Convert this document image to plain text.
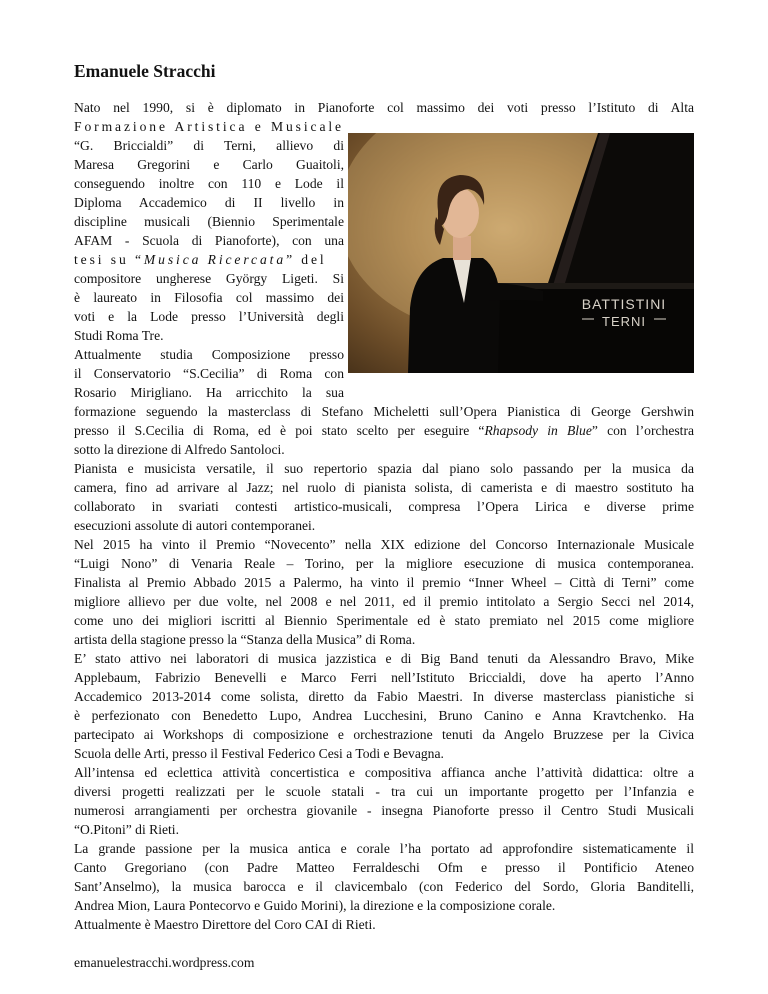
Emanuele Stracchi
Nato nel 1990, si è diplomato in Pianoforte col massimo dei voti presso l’Istituto di Alta
Formazione Artistica e Musicale
“G. Briccialdi” di Terni, allievo di
Maresa Gregorini e Carlo Guaitoli,
conseguendo inoltre con 110 e Lode il
Diploma Accademico di II livello in
discipline musicali (Biennio Sperimentale
AFAM - Scuola di Pianoforte), con una
tesi su “Musica Ricercata” del
compositore ungherese György Ligeti. Si
è laureato in Filosofia col massimo dei
voti e la Lode presso l’Università degli
Studi Roma Tre.
Attualmente studia Composizione presso
il Conservatorio “S.Cecilia” di Roma con
Rosario Mirigliano. Ha arricchito la sua
formazione seguendo la masterclass di Stefano Micheletti sull’Opera Pianistica di George Gershwin
presso il S.Cecilia di Roma, ed è poi stato scelto per eseguire “Rhapsody in Blue” con l’orchestra
sotto la direzione di Alfredo Santoloci.
Pianista e musicista versatile, il suo repertorio spazia dal piano solo passando per la musica da
camera, fino ad arrivare al Jazz; nel ruolo di pianista solista, di camerista e di maestro sostituto ha
collaborato in svariati contesti artistico-musicali, compresa l’Opera Lirica e diverse prime
esecuzioni assolute di autori contemporanei.
Nel 2015 ha vinto il Premio “Novecento” nella XIX edizione del Concorso Internazionale Musicale
“Luigi Nono” di Venaria Reale – Torino, per la migliore esecuzione di musica contemporanea.
Finalista al Premio Abbado 2015 a Palermo, ha vinto il premio “Inner Wheel – Città di Terni” come
migliore allievo per due volte, nel 2008 e nel 2011, ed il premio intitolato a Sergio Secci nel 2014,
come uno dei migliori iscritti al Biennio Sperimentale ed è stato premiato nel 2015 come migliore
artista della stagione presso la “Stanza della Musica” di Roma.
E’ stato attivo nei laboratori di musica jazzistica e di Big Band tenuti da Alessandro Bravo, Mike
Applebaum, Fabrizio Benevelli e Marco Ferri nell’Istituto Briccialdi, dove ha aperto l’Anno
Accademico 2013-2014 come solista, diretto da Fabio Maestri. In diverse masterclass pianistiche si
è perfezionato con Benedetto Lupo, Andrea Lucchesini, Bruno Canino e Anna Kravtchenko. Ha
partecipato ai Workshops di composizione e orchestrazione tenuti da Angelo Bruzzese per la Civica
Scuola delle Arti, presso il Festival Federico Cesi a Todi e Bevagna.
All’intensa ed eclettica attività concertistica e compositiva affianca anche l’attività didattica: oltre a
diversi progetti realizzati per le scuole statali - tra cui un importante progetto per l’Infanzia e
numerosi arrangiamenti per orchestra giovanile - insegna Pianoforte presso il Centro Studi Musicali
“O.Pitoni” di Rieti.
La grande passione per la musica antica e corale l’ha portato ad approfondire sistematicamente il
Canto Gregoriano (con Padre Matteo Ferraldeschi Ofm e presso il Pontificio Ateneo
Sant’Anselmo), la musica barocca e il clavicembalo (con Federico del Sordo, Gloria Banditelli,
Andrea Mion, Laura Pontecorvo e Guido Morini), la direzione e la composizione corale.
Attualmente è Maestro Direttore del Coro CAI di Rieti.
emanuelestracchi.wordpress.com
BATTISTINI
TERNI
